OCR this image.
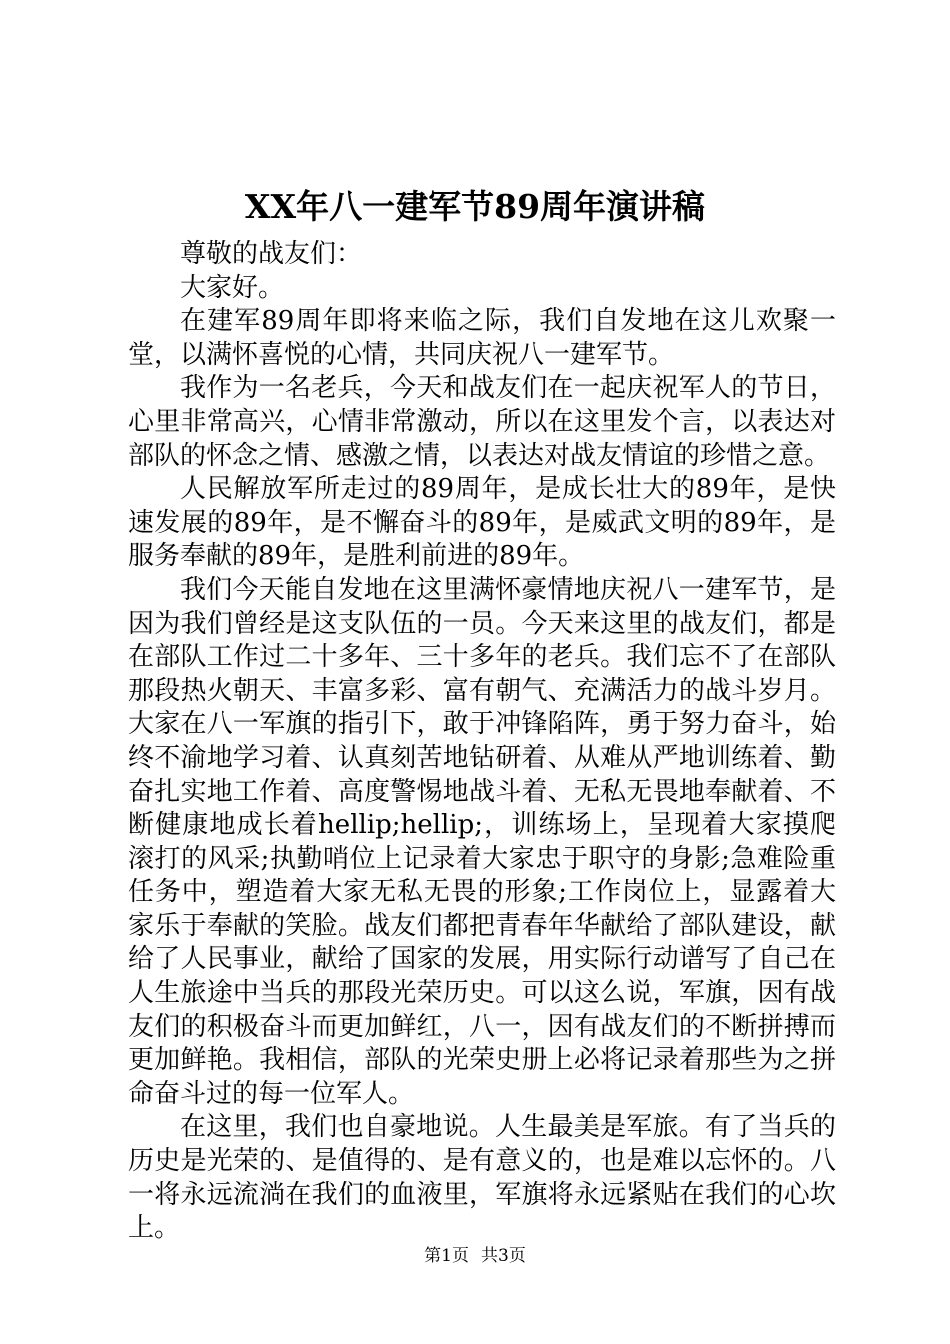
XX年八一建军节89周年演讲稿

尊敬的战友们：

大家好。

在建军89周年即将来临之际，我们自发地在这儿欢聚一堂，以满怀喜悦的心情，共同庆祝八一建军节。

我作为一名老兵，今天和战友们在一起庆祝军人的节日，心里非常高兴，心情非常激动，所以在这里发个言，以表达对部队的怀念之情、感激之情，以表达对战友情谊的珍惜之意。

人民解放军所走过的89周年，是成长壮大的89年，是快速发展的89年，是不懈奋斗的89年，是威武文明的89年，是服务奉献的89年，是胜利前进的89年。

我们今天能自发地在这里满怀豪情地庆祝八一建军节，是因为我们曾经是这支队伍的一员。今天来这里的战友们，都是在部队工作过二十多年、三十多年的老兵。我们忘不了在部队那段热火朝天、丰富多彩、富有朝气、充满活力的战斗岁月。大家在八一军旗的指引下，敢于冲锋陷阵，勇于努力奋斗，始终不渝地学习着、认真刻苦地钻研着、从难从严地训练着、勤奋扎实地工作着、高度警惕地战斗着、无私无畏地奉献着、不断健康地成长着hellip;hellip;，训练场上，呈现着大家摸爬滚打的风采;执勤哨位上记录着大家忠于职守的身影;急难险重任务中，塑造着大家无私无畏的形象;工作岗位上，显露着大家乐于奉献的笑脸。战友们都把青春年华献给了部队建设，献给了人民事业，献给了国家的发展，用实际行动谱写了自己在人生旅途中当兵的那段光荣历史。可以这么说，军旗，因有战友们的积极奋斗而更加鲜红，八一，因有战友们的不断拼搏而更加鲜艳。我相信，部队的光荣史册上必将记录着那些为之拼命奋斗过的每一位军人。

在这里，我们也自豪地说。人生最美是军旅。有了当兵的历史是光荣的、是值得的、是有意义的，也是难以忘怀的。八一将永远流淌在我们的血液里，军旗将永远紧贴在我们的心坎上。

第1页 共3页
